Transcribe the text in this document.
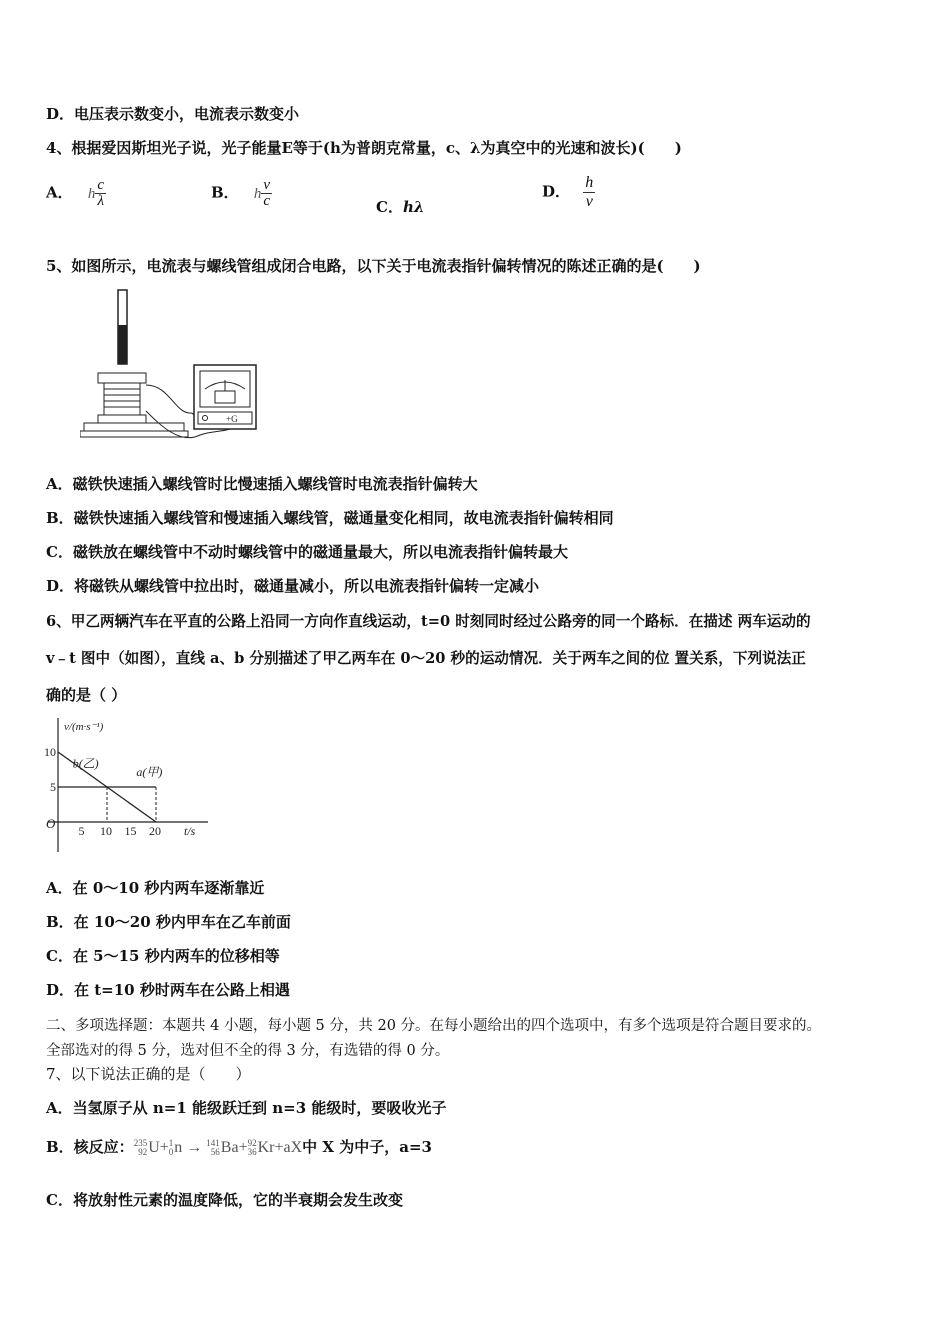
D．电压表示数变小，电流表示数变小
4、根据爱因斯坦光子说，光子能量E等于(h为普朗克常量，c、λ为真空中的光速和波长)(　　)
A． h $\frac{c}{\lambda}$	B． h $\frac{v}{c}$	C．hλ
D． $\frac{h}{v}$
5、如图所示，电流表与螺线管组成闭合电路，以下关于电流表指针偏转情况的陈述正确的是(　　)
+G
A．磁铁快速插入螺线管时比慢速插入螺线管时电流表指针偏转大
B．磁铁快速插入螺线管和慢速插入螺线管，磁通量变化相同，故电流表指针偏转相同
C．磁铁放在螺线管中不动时螺线管中的磁通量最大，所以电流表指针偏转最大
D．将磁铁从螺线管中拉出时，磁通量减小，所以电流表指针偏转一定减小
6、甲乙两辆汽车在平直的公路上沿同一方向作直线运动，t=0 时刻同时经过公路旁的同一个路标．在描述 两车运动的
v﹣t 图中（如图），直线 a、b 分别描述了甲乙两车在 0～20 秒的运动情况．关于两车之间的位 置关系，下列说法正
确的是（ ）
v/(m·s⁻¹)
t/s
O 5 10 15 20
5
10
b(乙)
a(甲)
A．在 0～10 秒内两车逐渐靠近
B．在 10～20 秒内甲车在乙车前面
C．在 5～15 秒内两车的位移相等
D．在 t=10 秒时两车在公路上相遇
二、多项选择题：本题共 4 小题，每小题 5 分，共 20 分。在每小题给出的四个选项中，有多个选项是符合题目要求的。
全部选对的得 5 分，选对但不全的得 3 分，有选错的得 0 分。
7、以下说法正确的是（　　）
A．当氢原子从 n=1 能级跃迁到 n=3 能级时，要吸收光子
B．核反应： 235
92 U+ 1
0 n → 141
56 Ba+ 92
36 Kr+aX中 X 为中子，a=3
C．将放射性元素的温度降低，它的半衰期会发生改变
